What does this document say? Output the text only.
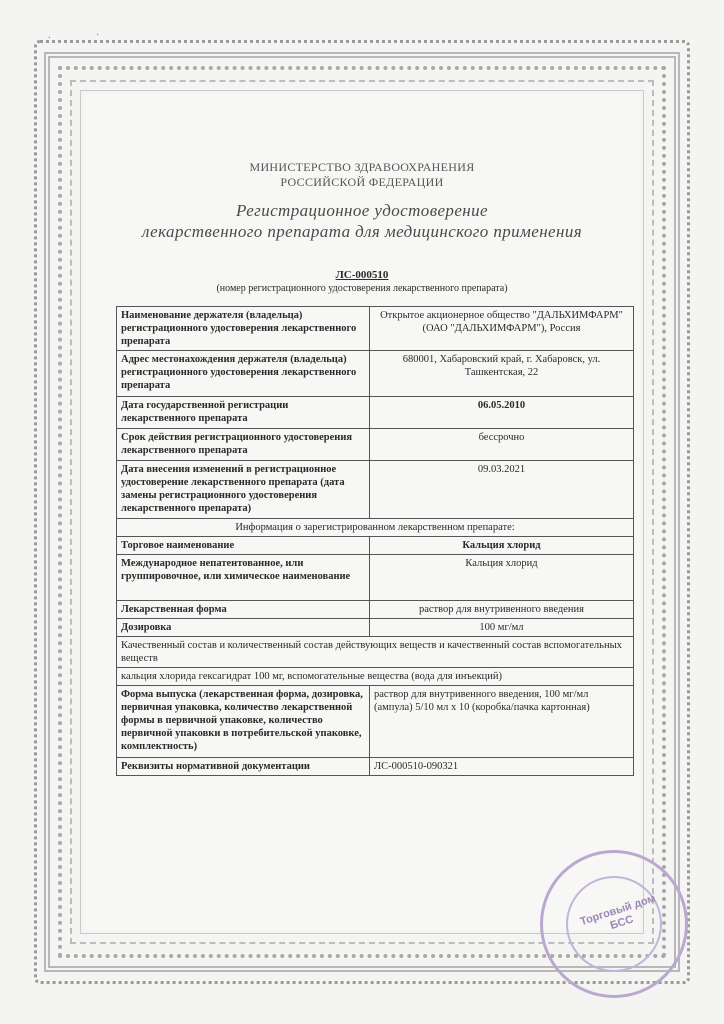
.	·
МИНИСТЕРСТВО ЗДРАВООХРАНЕНИЯ
РОССИЙСКОЙ ФЕДЕРАЦИИ
Регистрационное удостоверение
лекарственного препарата для медицинского применения
ЛС-000510
(номер регистрационного удостоверения лекарственного препарата)
Наименование держателя (владельца) регистрационного удостоверения лекарственного препарата	Открытое акционерное общество "ДАЛЬХИМФАРМ" (ОАО "ДАЛЬХИМФАРМ"), Россия
Адрес местонахождения держателя (владельца) регистрационного удостоверения лекарственного препарата	680001, Хабаровский край, г. Хабаровск, ул. Ташкентская, 22
Дата государственной регистрации лекарственного препарата	06.05.2010
Срок действия регистрационного удостоверения лекарственного препарата	бессрочно
Дата внесения изменений в регистрационное удостоверение лекарственного препарата (дата замены регистрационного удостоверения лекарственного препарата)	09.03.2021
Информация о зарегистрированном лекарственном препарате:	
Торговое наименование	Кальция хлорид
Международное непатентованное, или группировочное, или химическое наименование	Кальция хлорид
Лекарственная форма	раствор для внутривенного введения
Дозировка	100 мг/мл
Качественный состав и количественный состав действующих веществ и качественный состав вспомогательных веществ	
кальция хлорида гексагидрат 100 мг, вспомогательные вещества (вода для инъекций)	
Форма выпуска (лекарственная форма, дозировка, первичная упаковка, количество лекарственной формы в первичной упаковке, количество первичной упаковки в потребительской упаковке, комплектность)	раствор для внутривенного введения, 100 мг/мл (ампула) 5/10 мл x 10 (коробка/пачка картонная)
Реквизиты нормативной документации	ЛС-000510-090321
Торговый дом БСС
